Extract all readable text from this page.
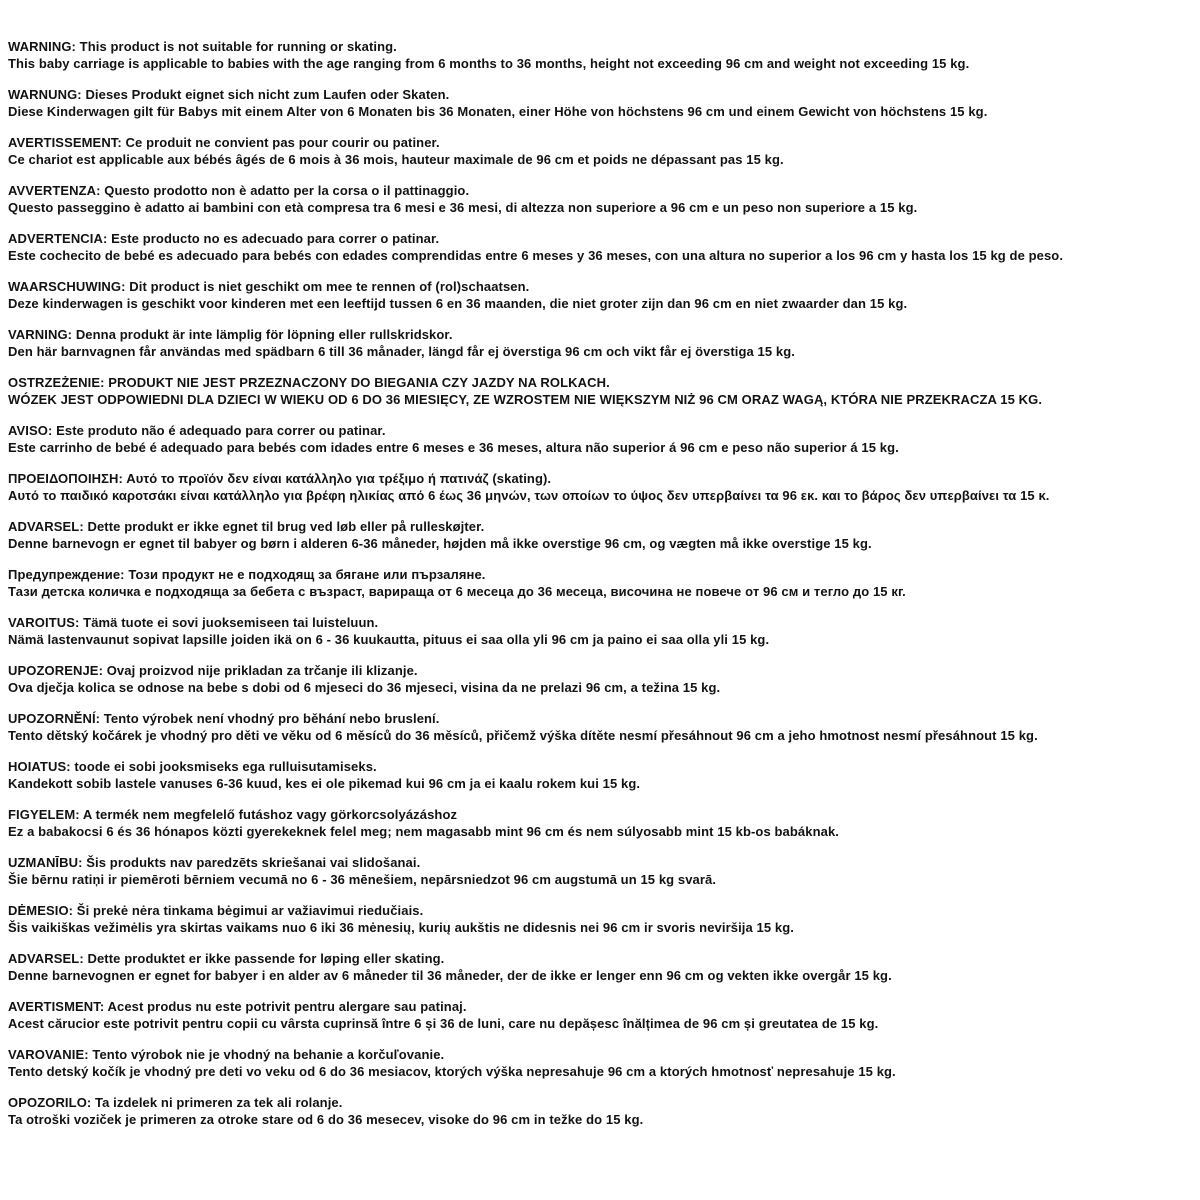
WARNING: This product is not suitable for running or skating.
This baby carriage is applicable to babies with the age ranging from 6 months to 36 months, height not exceeding 96 cm and weight not exceeding 15 kg.

WARNUNG: Dieses Produkt eignet sich nicht zum Laufen oder Skaten.
Diese Kinderwagen gilt für Babys mit einem Alter von 6 Monaten bis 36 Monaten, einer Höhe von höchstens 96 cm und einem Gewicht von höchstens 15 kg.

AVERTISSEMENT: Ce produit ne convient pas pour courir ou patiner.
Ce chariot est applicable aux bébés âgés de 6 mois à 36 mois, hauteur maximale de 96 cm et poids ne dépassant pas 15 kg.

AVVERTENZA: Questo prodotto non è adatto per la corsa o il pattinaggio.
Questo passeggino è adatto ai bambini con età compresa tra 6 mesi e 36 mesi, di altezza non superiore a 96 cm e un peso non superiore a 15 kg.

ADVERTENCIA: Este producto no es adecuado para correr o patinar.
Este cochecito de bebé es adecuado para bebés con edades comprendidas entre 6 meses y 36 meses, con una altura no superior a los 96 cm y hasta los 15 kg de peso.

WAARSCHUWING: Dit product is niet geschikt om mee te rennen of (rol)schaatsen.
Deze kinderwagen is geschikt voor kinderen met een leeftijd tussen 6 en 36 maanden, die niet groter zijn dan 96 cm en niet zwaarder dan 15 kg.

VARNING: Denna produkt är inte lämplig för löpning eller rullskridskor.
Den här barnvagnen får användas med spädbarn 6 till 36 månader, längd får ej överstiga 96 cm och vikt får ej överstiga 15 kg.

OSTRZEŻENIE: PRODUKT NIE JEST PRZEZNACZONY DO BIEGANIA CZY JAZDY NA ROLKACH.
WÓZEK JEST ODPOWIEDNI DLA DZIECI W WIEKU OD 6 DO 36 MIESIĘCY, ZE WZROSTEM NIE WIĘKSZYM NIŻ 96 CM ORAZ WAGĄ, KTÓRA NIE PRZEKRACZA 15 KG.

AVISO: Este produto não é adequado para correr ou patinar.
Este carrinho de bebé é adequado para bebés com idades entre 6 meses e 36 meses, altura não superior á 96 cm e peso não superior á 15 kg.

ΠΡΟΕΙΔΟΠΟΙΗΣΗ: Αυτό το προϊόν δεν είναι κατάλληλο για τρέξιμο ή πατινάζ (skating).
Αυτό το παιδικό καροτσάκι είναι κατάλληλο για βρέφη ηλικίας από 6 έως 36 μηνών, των οποίων το ύψος δεν υπερβαίνει τα 96 εκ. και το βάρος δεν υπερβαίνει τα 15 κ.

ADVARSEL: Dette produkt er ikke egnet til brug ved løb eller på rulleskøjter.
Denne barnevogn er egnet til babyer og børn i alderen 6-36 måneder, højden må ikke overstige 96 cm, og vægten må ikke overstige 15 kg.

Предупреждение: Този продукт не е подходящ за бягане или пързаляне.
Тази детска количка е подходяща за бебета с възраст, варираща от 6 месеца до 36 месеца, височина не повече от 96 см и тегло до 15 кг.

VAROITUS: Tämä tuote ei sovi juoksemiseen tai luisteluun.
Nämä lastenvaunut sopivat lapsille joiden ikä on 6 - 36 kuukautta, pituus ei saa olla yli 96 cm ja paino ei saa olla yli 15 kg.

UPOZORENJE: Ovaj proizvod nije prikladan za trčanje ili klizanje.
Ova dječja kolica se odnose na bebe s dobi od 6 mjeseci do 36 mjeseci, visina da ne prelazi 96 cm, a težina 15 kg.

UPOZORNĚNÍ: Tento výrobek není vhodný pro běhání nebo bruslení.
Tento dětský kočárek je vhodný pro děti ve věku od 6 měsíců do 36 měsíců, přičemž výška dítěte nesmí přesáhnout 96 cm a jeho hmotnost nesmí přesáhnout 15 kg.

HOIATUS: toode ei sobi jooksmiseks ega rulluisutamiseks.
Kandekott sobib lastele vanuses 6-36 kuud, kes ei ole pikemad kui 96 cm ja ei kaalu rokem kui 15 kg.

FIGYELEM: A termék nem megfelelő futáshoz vagy görkorcsolyázáshoz
Ez a babakocsi 6 és 36 hónapos közti gyerekeknek felel meg; nem magasabb mint 96 cm és nem súlyosabb mint 15 kb-os babáknak.

UZMANĪBU: Šis produkts nav paredzēts skriešanai vai slidošanai.
Šie bērnu ratiņi ir piemēroti bērniem vecumā no 6 - 36 mēnešiem, nepārsniedzot 96 cm augstumā un 15 kg svarā.

DĖMESIO: Ši prekė nėra tinkama bėgimui ar važiavimui riedučiais.
Šis vaikiškas vežimėlis yra skirtas vaikams nuo 6 iki 36 mėnesių, kurių aukštis ne didesnis nei 96 cm ir svoris neviršija 15 kg.

ADVARSEL: Dette produktet er ikke passende for løping eller skating.
Denne barnevognen er egnet for babyer i en alder av 6 måneder til 36 måneder, der de ikke er lenger enn 96 cm og vekten ikke overgår 15 kg.

AVERTISMENT: Acest produs nu este potrivit pentru alergare sau patinaj.
Acest cărucior este potrivit pentru copii cu vârsta cuprinsă între 6 și 36 de luni, care nu depășesc înălțimea de 96 cm și greutatea de 15 kg.

VAROVANIE: Tento výrobok nie je vhodný na behanie a korčuľovanie.
Tento detský kočík je vhodný pre deti vo veku od 6 do 36 mesiacov, ktorých výška nepresahuje 96 cm a ktorých hmotnosť nepresahuje 15 kg.

OPOZORILO: Ta izdelek ni primeren za tek ali rolanje.
Ta otroški voziček je primeren za otroke stare od 6 do 36 mesecev, visoke do 96 cm in težke do 15 kg.
